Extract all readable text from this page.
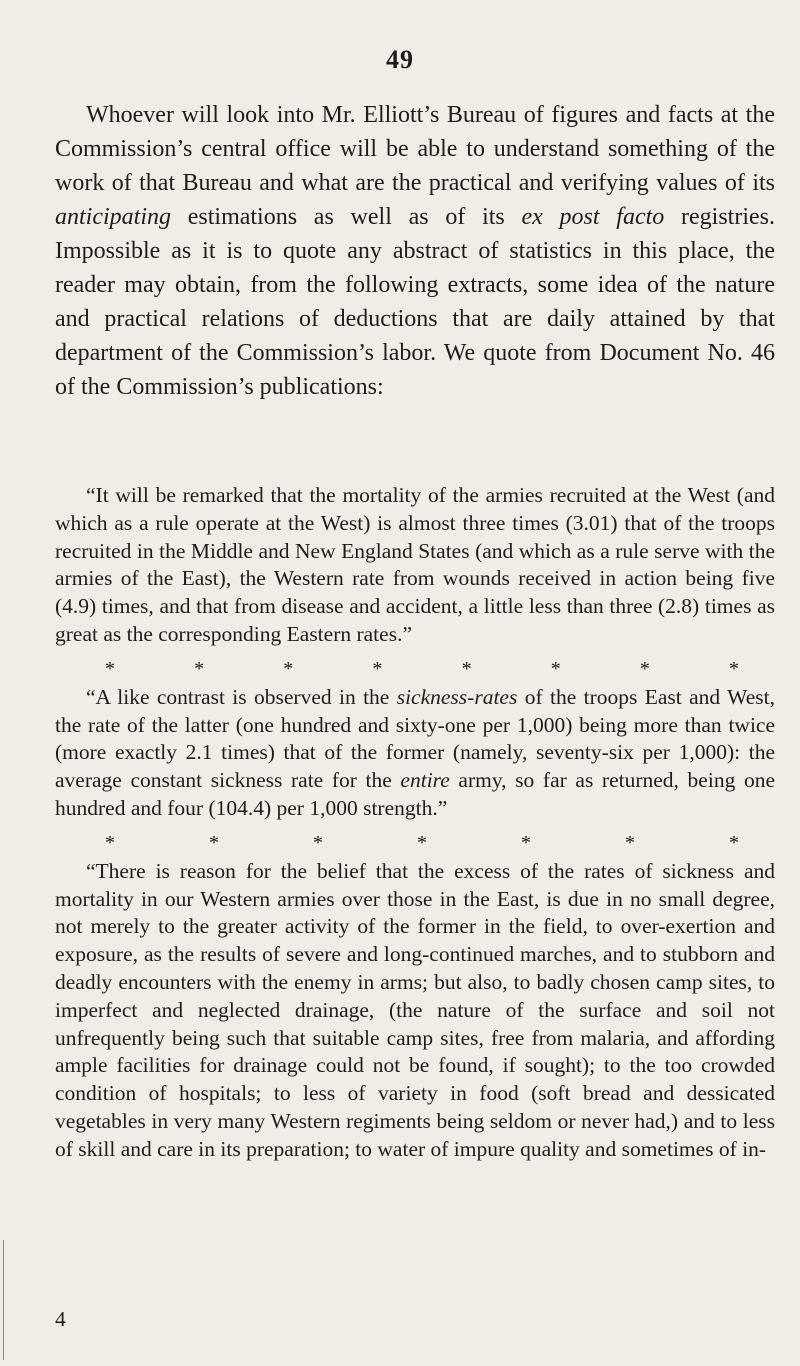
49

Whoever will look into Mr. Elliott’s Bureau of figures and facts at the Commission’s central office will be able to understand something of the work of that Bureau and what are the practical and verifying values of its anticipating estimations as well as of its ex post facto registries. Impossible as it is to quote any abstract of statistics in this place, the reader may obtain, from the following extracts, some idea of the nature and practical relations of deductions that are daily attained by that department of the Commission’s labor. We quote from Document No. 46 of the Commission’s publications:

“It will be remarked that the mortality of the armies recruited at the West (and which as a rule operate at the West) is almost three times (3.01) that of the troops recruited in the Middle and New England States (and which as a rule serve with the armies of the East), the Western rate from wounds received in action being five (4.9) times, and that from disease and accident, a little less than three (2.8) times as great as the corresponding Eastern rates.”

*	*	*	*	*	*	*	*

“A like contrast is observed in the sickness-rates of the troops East and West, the rate of the latter (one hundred and sixty-one per 1,000) being more than twice (more exactly 2.1 times) that of the former (namely, seventy-six per 1,000): the average constant sickness rate for the entire army, so far as returned, being one hundred and four (104.4) per 1,000 strength.”

*	*	*	*	*	*	*

“There is reason for the belief that the excess of the rates of sickness and mortality in our Western armies over those in the East, is due in no small degree, not merely to the greater activity of the former in the field, to over-exertion and exposure, as the results of severe and long-continued marches, and to stubborn and deadly encounters with the enemy in arms; but also, to badly chosen camp sites, to imperfect and neglected drainage, (the nature of the surface and soil not unfrequently being such that suitable camp sites, free from malaria, and affording ample facilities for drainage could not be found, if sought); to the too crowded condition of hospitals; to less of variety in food (soft bread and dessicated vegetables in very many Western regiments being seldom or never had,) and to less of skill and care in its preparation; to water of impure quality and sometimes of in-

4
